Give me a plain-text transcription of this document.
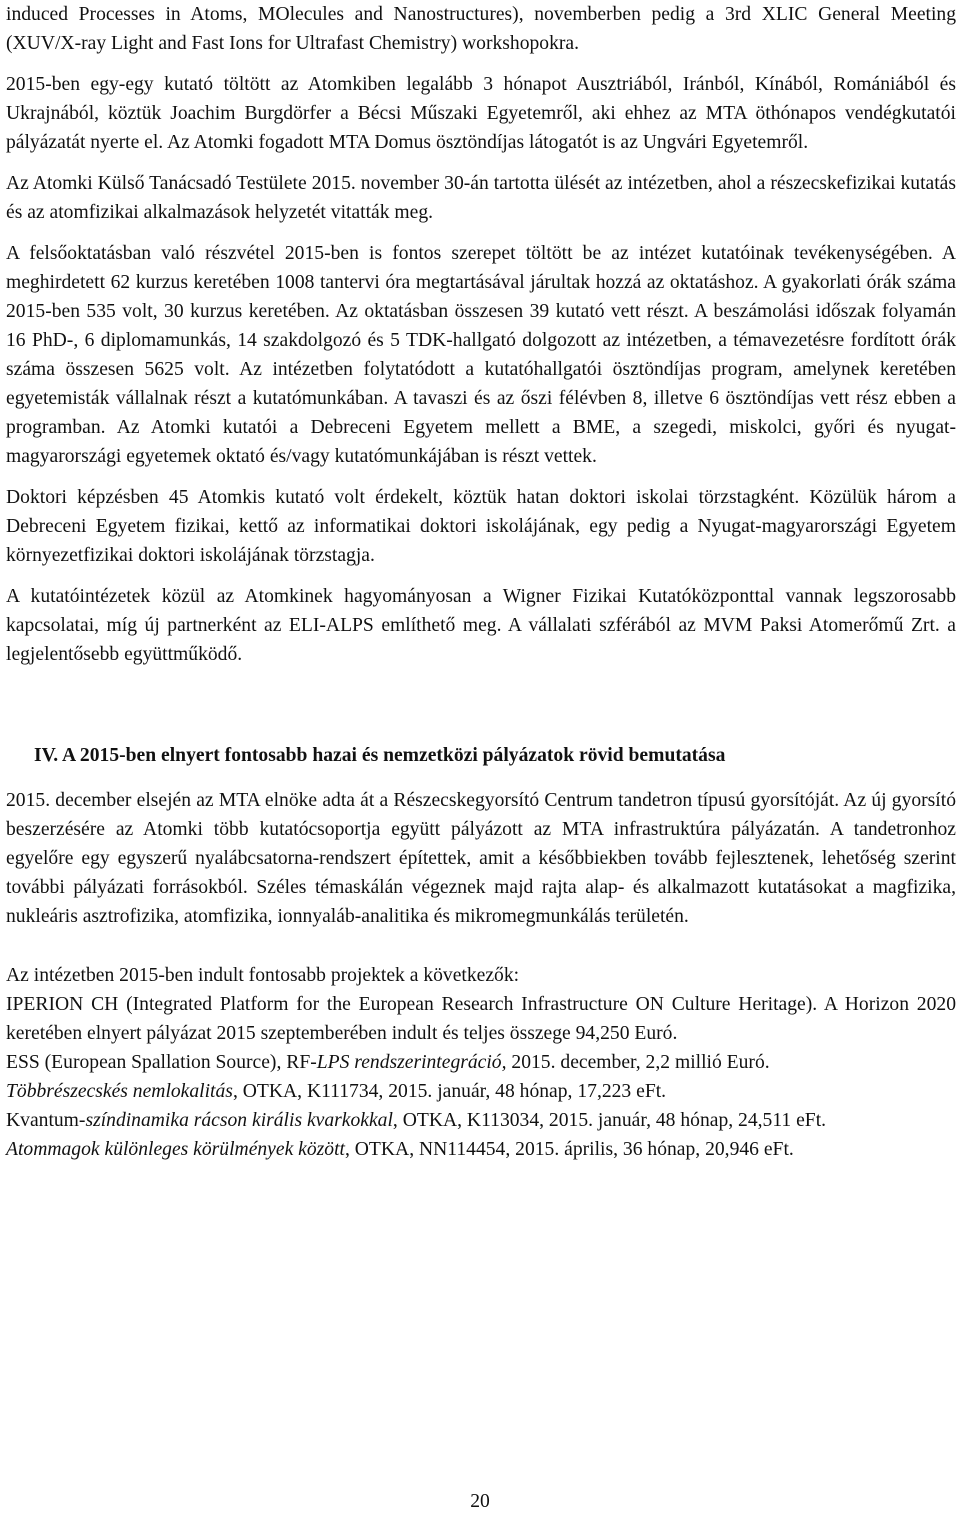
induced Processes in Atoms, MOlecules and Nanostructures), novemberben pedig a 3rd XLIC General Meeting (XUV/X-ray Light and Fast Ions for Ultrafast Chemistry) workshopokra.

2015-ben egy-egy kutató töltött az Atomkiben legalább 3 hónapot Ausztriából, Iránból, Kínából, Romániából és Ukrajnából, köztük Joachim Burgdörfer a Bécsi Műszaki Egyetemről, aki ehhez az MTA öthónapos vendégkutatói pályázatát nyerte el. Az Atomki fogadott MTA Domus ösztöndíjas látogatót is az Ungvári Egyetemről.

Az Atomki Külső Tanácsadó Testülete 2015. november 30-án tartotta ülését az intézetben, ahol a részecskefizikai kutatás és az atomfizikai alkalmazások helyzetét vitatták meg.

A felsőoktatásban való részvétel 2015-ben is fontos szerepet töltött be az intézet kutatóinak tevékenységében. A meghirdetett 62 kurzus keretében 1008 tantervi óra megtartásával járultak hozzá az oktatáshoz. A gyakorlati órák száma 2015-ben 535 volt, 30 kurzus keretében. Az oktatásban összesen 39 kutató vett részt. A beszámolási időszak folyamán 16 PhD-, 6 diplomamunkás, 14 szakdolgozó és 5 TDK-hallgató dolgozott az intézetben, a témavezetésre fordított órák száma összesen 5625 volt. Az intézetben folytatódott a kutatóhallgatói ösztöndíjas program, amelynek keretében egyetemisták vállalnak részt a kutatómunkában. A tavaszi és az őszi félévben 8, illetve 6 ösztöndíjas vett rész ebben a programban. Az Atomki kutatói a Debreceni Egyetem mellett a BME, a szegedi, miskolci, győri és nyugat-magyarországi egyetemek oktató és/vagy kutatómunkájában is részt vettek.

Doktori képzésben 45 Atomkis kutató volt érdekelt, köztük hatan doktori iskolai törzstagként. Közülük három a Debreceni Egyetem fizikai, kettő az informatikai doktori iskolájának, egy pedig a Nyugat-magyarországi Egyetem környezetfizikai doktori iskolájának törzstagja.

A kutatóintézetek közül az Atomkinek hagyományosan a Wigner Fizikai Kutatóközponttal vannak legszorosabb kapcsolatai, míg új partnerként az ELI-ALPS említhető meg. A vállalati szférából az MVM Paksi Atomerőmű Zrt. a legjelentősebb együttműködő.

IV. A 2015-ben elnyert fontosabb hazai és nemzetközi pályázatok rövid bemutatása

2015. december elsején az MTA elnöke adta át a Részecskegyorsító Centrum tandetron típusú gyorsítóját. Az új gyorsító beszerzésére az Atomki több kutatócsoportja együtt pályázott az MTA infrastruktúra pályázatán. A tandetronhoz egyelőre egy egyszerű nyalábcsatorna-rendszert építettek, amit a későbbiekben tovább fejlesztenek, lehetőség szerint további pályázati forrásokból. Széles témaskálán végeznek majd rajta alap- és alkalmazott kutatásokat a magfizika, nukleáris asztrofizika, atomfizika, ionnyaláb-analitika és mikromegmunkálás területén.

Az intézetben 2015-ben indult fontosabb projektek a következők:

IPERION CH (Integrated Platform for the European Research Infrastructure ON Culture Heritage). A Horizon 2020 keretében elnyert pályázat 2015 szeptemberében indult és teljes összege 94,250 Euró.

ESS (European Spallation Source), RF-LPS rendszerintegráció, 2015. december, 2,2 millió Euró.

Többrészecskés nemlokalitás, OTKA, K111734, 2015. január, 48 hónap, 17,223 eFt.

Kvantum-színdinamika rácson királis kvarkokkal, OTKA, K113034, 2015. január, 48 hónap, 24,511 eFt.

Atommagok különleges körülmények között, OTKA, NN114454, 2015. április, 36 hónap, 20,946 eFt.

20
